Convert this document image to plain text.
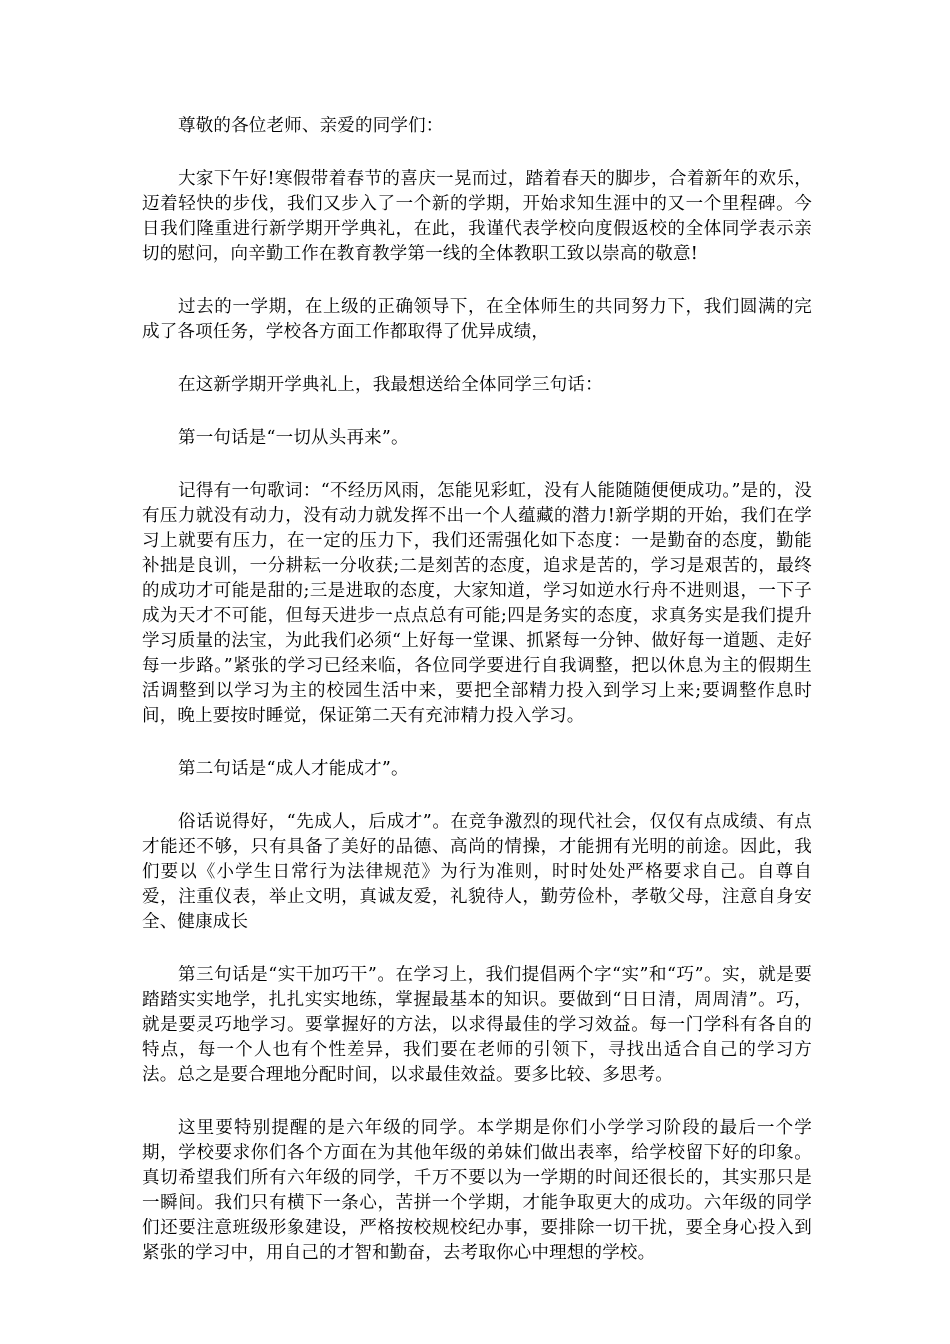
尊敬的各位老师、亲爱的同学们：

大家下午好!寒假带着春节的喜庆一晃而过，踏着春天的脚步，合着新年的欢乐，迈着轻快的步伐，我们又步入了一个新的学期，开始求知生涯中的又一个里程碑。今日我们隆重进行新学期开学典礼，在此，我谨代表学校向度假返校的全体同学表示亲切的慰问，向辛勤工作在教育教学第一线的全体教职工致以崇高的敬意!

过去的一学期，在上级的正确领导下，在全体师生的共同努力下，我们圆满的完成了各项任务，学校各方面工作都取得了优异成绩，

在这新学期开学典礼上，我最想送给全体同学三句话：

第一句话是“一切从头再来”。

记得有一句歌词：“不经历风雨，怎能见彩虹，没有人能随随便便成功。”是的，没有压力就没有动力，没有动力就发挥不出一个人蕴藏的潜力!新学期的开始，我们在学习上就要有压力，在一定的压力下，我们还需强化如下态度：一是勤奋的态度，勤能补拙是良训，一分耕耘一分收获;二是刻苦的态度，追求是苦的，学习是艰苦的，最终的成功才可能是甜的;三是进取的态度，大家知道，学习如逆水行舟不进则退，一下子成为天才不可能，但每天进步一点点总有可能;四是务实的态度，求真务实是我们提升学习质量的法宝，为此我们必须“上好每一堂课、抓紧每一分钟、做好每一道题、走好每一步路。”紧张的学习已经来临，各位同学要进行自我调整，把以休息为主的假期生活调整到以学习为主的校园生活中来，要把全部精力投入到学习上来;要调整作息时间，晚上要按时睡觉，保证第二天有充沛精力投入学习。

第二句话是“成人才能成才”。

俗话说得好，“先成人，后成才”。在竞争激烈的现代社会，仅仅有点成绩、有点才能还不够，只有具备了美好的品德、高尚的情操，才能拥有光明的前途。因此，我们要以《小学生日常行为法律规范》为行为准则，时时处处严格要求自己。自尊自爱，注重仪表，举止文明，真诚友爱，礼貌待人，勤劳俭朴，孝敬父母，注意自身安全、健康成长

第三句话是“实干加巧干”。在学习上，我们提倡两个字“实”和“巧”。实，就是要踏踏实实地学，扎扎实实地练，掌握最基本的知识。要做到“日日清，周周清”。巧，就是要灵巧地学习。要掌握好的方法，以求得最佳的学习效益。每一门学科有各自的特点，每一个人也有个性差异，我们要在老师的引领下，寻找出适合自己的学习方法。总之是要合理地分配时间，以求最佳效益。要多比较、多思考。

这里要特别提醒的是六年级的同学。本学期是你们小学学习阶段的最后一个学期，学校要求你们各个方面在为其他年级的弟妹们做出表率，给学校留下好的印象。真切希望我们所有六年级的同学，千万不要以为一学期的时间还很长的，其实那只是一瞬间。我们只有横下一条心，苦拼一个学期，才能争取更大的成功。六年级的同学们还要注意班级形象建设，严格按校规校纪办事，要排除一切干扰，要全身心投入到紧张的学习中，用自己的才智和勤奋，去考取你心中理想的学校。
